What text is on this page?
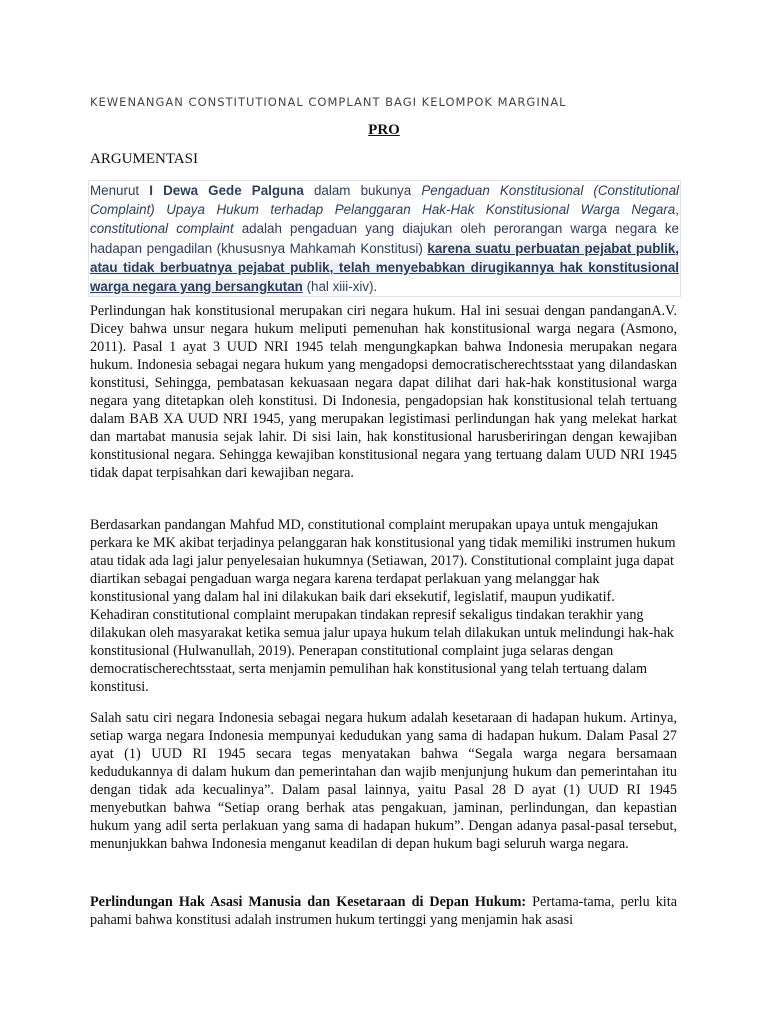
KEWENANGAN CONSTITUTIONAL COMPLANT BAGI KELOMPOK MARGINAL
PRO
ARGUMENTASI
Menurut I Dewa Gede Palguna dalam bukunya Pengaduan Konstitusional (Constitutional Complaint) Upaya Hukum terhadap Pelanggaran Hak-Hak Konstitusional Warga Negara, constitutional complaint adalah pengaduan yang diajukan oleh perorangan warga negara ke hadapan pengadilan (khususnya Mahkamah Konstitusi) karena suatu perbuatan pejabat publik, atau tidak berbuatnya pejabat publik, telah menyebabkan dirugikannya hak konstitusional warga negara yang bersangkutan (hal xiii-xiv).

Perlindungan hak konstitusional merupakan ciri negara hukum. Hal ini sesuai dengan pandanganA.V. Dicey bahwa unsur negara hukum meliputi pemenuhan hak konstitusional warga negara (Asmono, 2011). Pasal 1 ayat 3 UUD NRI 1945 telah mengungkapkan bahwa Indonesia merupakan negara hukum. Indonesia sebagai negara hukum yang mengadopsi democratischerechtsstaat yang dilandaskan konstitusi, Sehingga, pembatasan kekuasaan negara dapat dilihat dari hak-hak konstitusional warga negara yang ditetapkan oleh konstitusi. Di Indonesia, pengadopsian hak konstitusional telah tertuang dalam BAB XA UUD NRI 1945, yang merupakan legistimasi perlindungan hak yang melekat harkat dan martabat manusia sejak lahir. Di sisi lain, hak konstitusional harusberiringan dengan kewajiban konstitusional negara. Sehingga kewajiban konstitusional negara yang tertuang dalam UUD NRI 1945 tidak dapat terpisahkan dari kewajiban negara.

Berdasarkan pandangan Mahfud MD, constitutional complaint merupakan upaya untuk mengajukan perkara ke MK akibat terjadinya pelanggaran hak konstitusional yang tidak memiliki instrumen hukum atau tidak ada lagi jalur penyelesaian hukumnya (Setiawan, 2017). Constitutional complaint juga dapat diartikan sebagai pengaduan warga negara karena terdapat perlakuan yang melanggar hak konstitusional yang dalam hal ini dilakukan baik dari eksekutif, legislatif, maupun yudikatif. Kehadiran constitutional complaint merupakan tindakan represif sekaligus tindakan terakhir yang dilakukan oleh masyarakat ketika semua jalur upaya hukum telah dilakukan untuk melindungi hak-hak konstitusional (Hulwanullah, 2019). Penerapan constitutional complaint juga selaras dengan democratischerechtsstaat, serta menjamin pemulihan hak konstitusional yang telah tertuang dalam konstitusi.

Salah satu ciri negara Indonesia sebagai negara hukum adalah kesetaraan di hadapan hukum. Artinya, setiap warga negara Indonesia mempunyai kedudukan yang sama di hadapan hukum. Dalam Pasal 27 ayat (1) UUD RI 1945 secara tegas menyatakan bahwa “Segala warga negara bersamaan kedudukannya di dalam hukum dan pemerintahan dan wajib menjunjung hukum dan pemerintahan itu dengan tidak ada kecualinya”. Dalam pasal lainnya, yaitu Pasal 28 D ayat (1) UUD RI 1945 menyebutkan bahwa “Setiap orang berhak atas pengakuan, jaminan, perlindungan, dan kepastian hukum yang adil serta perlakuan yang sama di hadapan hukum”. Dengan adanya pasal-pasal tersebut, menunjukkan bahwa Indonesia menganut keadilan di depan hukum bagi seluruh warga negara.

Perlindungan Hak Asasi Manusia dan Kesetaraan di Depan Hukum: Pertama-tama, perlu kita pahami bahwa konstitusi adalah instrumen hukum tertinggi yang menjamin hak asasi
